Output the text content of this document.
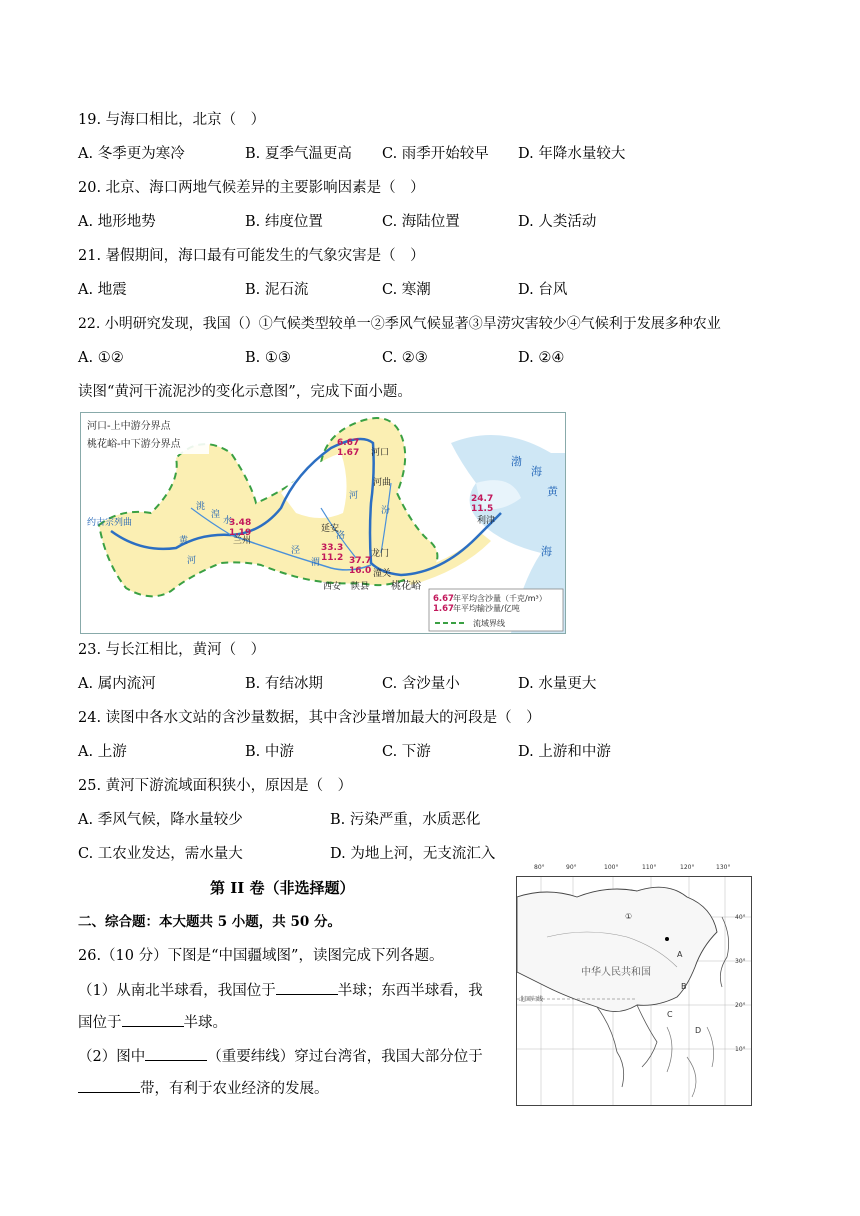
19. 与海口相比，北京（　）
A. 冬季更为寒冷	B. 夏季气温更高 C. 雨季开始较早 D. 年降水量较大
20. 北京、海口两地气候差异的主要影响因素是（　）
A. 地形地势	B. 纬度位置	C. 海陆位置	D. 人类活动
21. 暑假期间，海口最有可能发生的气象灾害是（　）
A. 地震	B. 泥石流	C. 寒潮	D. 台风
22. 小明研究发现，我国（）①气候类型较单一②季风气候显著③旱涝灾害较少④气候利于发展多种农业
A. ①②	B. ①③	C. ②③	D. ②④
读图“黄河干流泥沙的变化示意图”，完成下面小题。
河口-上中游分界点
桃花峪-中下游分界点	6.67
1.67
3.48
1.19
33.3
11.2 37.7
16.0
24.7
11.5
河口
河曲
兰州
延安
龙门
潼关
西安 陕县 桃花峪
利津
约古宗列曲
黄
河
洮
湟
水
泾
渭
河
汾
洛
渤
海
黄
海
6.67
1.67
年平均含沙量（千克/m³）
年平均输沙量/亿吨
流域界线
23. 与长江相比，黄河（　）
A. 属内流河	B. 有结冰期	C. 含沙量小	D. 水量更大
24. 读图中各水文站的含沙量数据，其中含沙量增加最大的河段是（　）
A. 上游	B. 中游	C. 下游	D. 上游和中游
25. 黄河下游流域面积狭小，原因是（　）
A. 季风气候，降水量较少	B. 污染严重，水质恶化
C. 工农业发达，需水量大	D. 为地上河，无支流汇入
第 II 卷（非选择题）
二、综合题：本大题共 5 小题，共 50 分。
26.（10 分）下图是“中国疆域图”，读图完成下列各题。
（1）从南北半球看，我国位于	半球；东西半球看，我
国位于	半球。
（2）图中	（重要纬线）穿过台湾省，我国大部分位于
带，有利于农业经济的发展。
中华人民共和国
北回归线
①
A
B
C
D
40°
30°
20°
10°
80°	90°	100°	110°	120°	130°
